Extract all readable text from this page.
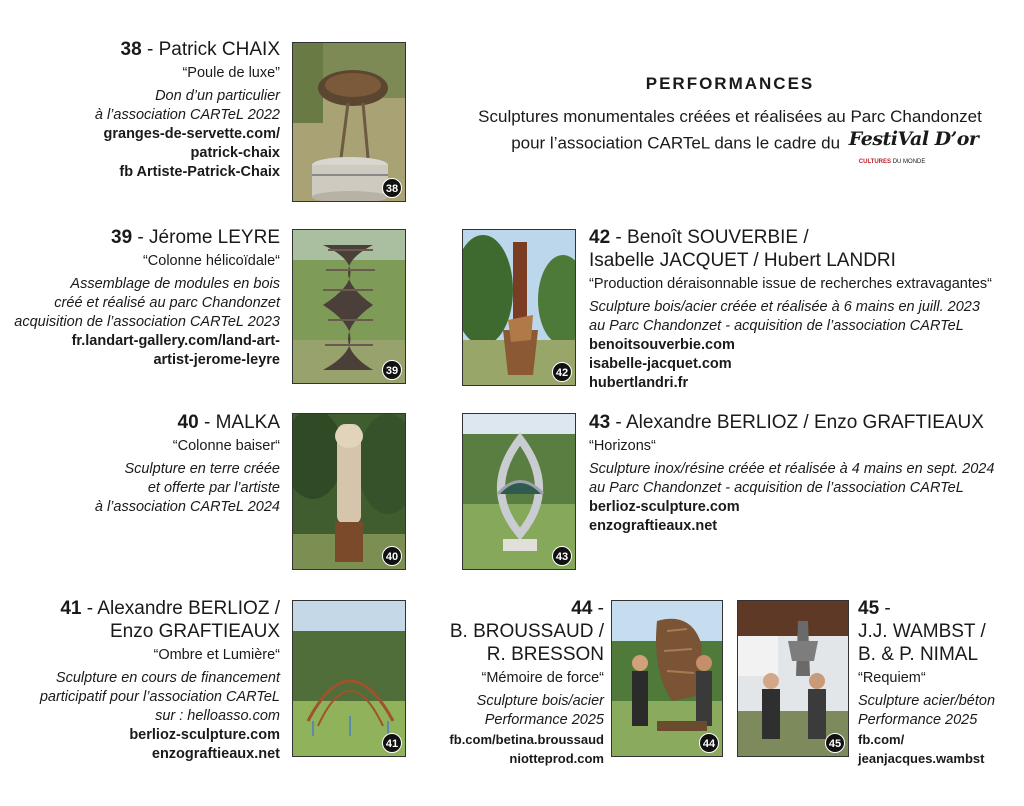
PERFORMANCES
Sculptures monumentales créées et réalisées au Parc Chandonzet
pour l’association CARTeL dans le cadre du FestiVal D’or
CULTURES DU MONDE
38 - Patrick CHAIX
“Poule de luxe”
Don d’un particulier
à l’association CARTeL 2022
granges-de-servette.com/
patrick-chaix
fb Artiste-Patrick-Chaix
38
39 - Jérome LEYRE
“Colonne hélicoïdale“
Assemblage de modules en bois
créé et réalisé au parc Chandonzet
acquisition de l’association CARTeL 2023
fr.landart-gallery.com/land-art-
artist-jerome-leyre
39
40 - MALKA
“Colonne baiser“
Sculpture en terre créée
et offerte par l’artiste
à l’association CARTeL 2024
40
41 - Alexandre BERLIOZ /
Enzo GRAFTIEAUX
“Ombre et Lumière“
Sculpture en cours de financement
participatif pour l’association CARTeL
sur : helloasso.com
berlioz-sculpture.com
enzograftieaux.net
41
42
42 - Benoît SOUVERBIE /
Isabelle JACQUET / Hubert LANDRI
“Production déraisonnable issue de recherches extravagantes“
Sculpture bois/acier créée et réalisée à 6 mains en juill. 2023
au Parc Chandonzet - acquisition de l’association CARTeL
benoitsouverbie.com
isabelle-jacquet.com
hubertlandri.fr
43
43 - Alexandre BERLIOZ / Enzo GRAFTIEAUX
“Horizons“
Sculpture inox/résine créée et réalisée à 4 mains en sept. 2024
au Parc Chandonzet - acquisition de l’association CARTeL
berlioz-sculpture.com
enzograftieaux.net
44 -
B. BROUSSAUD /
R. BRESSON
“Mémoire de force“
Sculpture bois/acier
Performance 2025
fb.com/betina.broussaud
niotteprod.com
44	45
45 -
J.J. WAMBST /
B. & P. NIMAL
“Requiem“
Sculpture acier/béton
Performance 2025
fb.com/
jeanjacques.wambst
